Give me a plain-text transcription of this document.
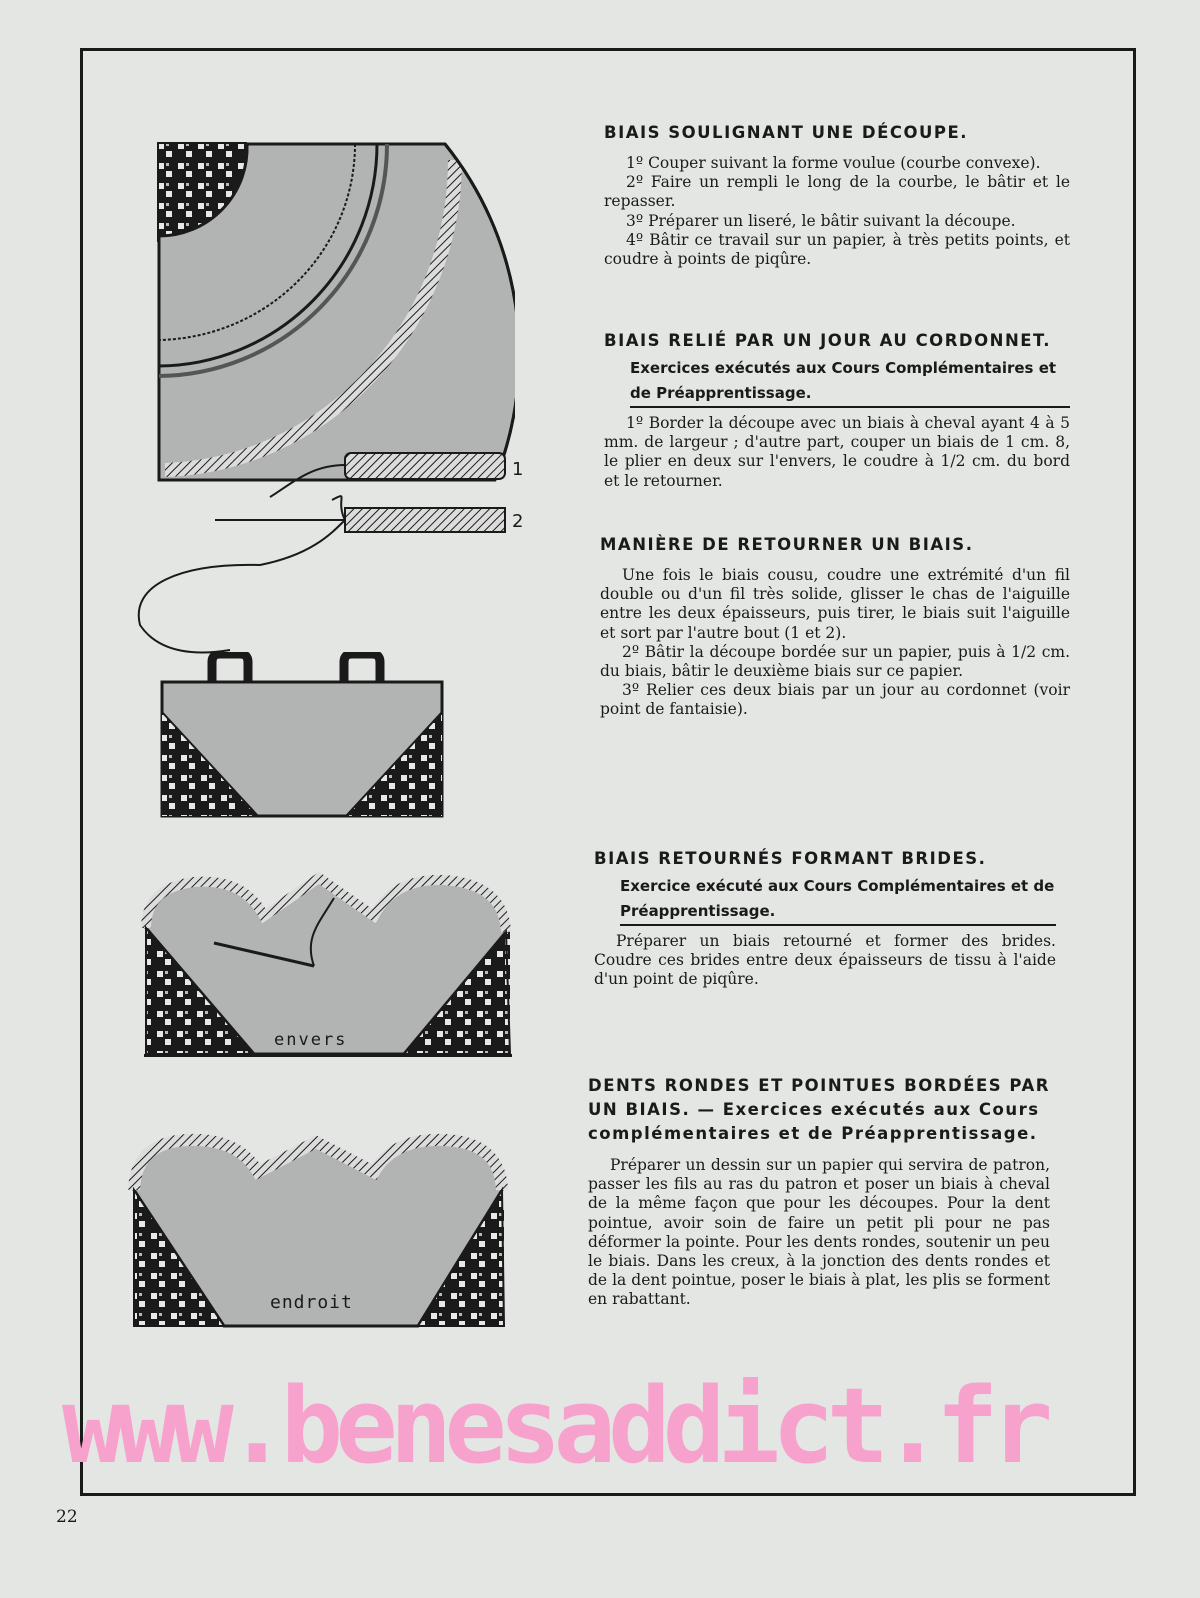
1
2
envers
endroit
BIAIS SOULIGNANT UNE DÉCOUPE.

1º Couper suivant la forme voulue (courbe convexe).

2º Faire un rempli le long de la courbe, le bâtir et le repasser.

3º Préparer un liseré, le bâtir suivant la découpe.

4º Bâtir ce travail sur un papier, à très petits points, et coudre à points de piqûre.

BIAIS RELIÉ PAR UN JOUR AU CORDONNET.
Exercices exécutés aux Cours Complémentaires et de Préapprentissage.

1º Border la découpe avec un biais à cheval ayant 4 à 5 mm. de largeur ; d'autre part, couper un biais de 1 cm. 8, le plier en deux sur l'envers, le coudre à 1/2 cm. du bord et le retourner.

MANIÈRE DE RETOURNER UN BIAIS.

Une fois le biais cousu, coudre une extrémité d'un fil double ou d'un fil très solide, glisser le chas de l'aiguille entre les deux épaisseurs, puis tirer, le biais suit l'aiguille et sort par l'autre bout (1 et 2).

2º Bâtir la découpe bordée sur un papier, puis à 1/2 cm. du biais, bâtir le deuxième biais sur ce papier.

3º Relier ces deux biais par un jour au cordonnet (voir point de fantaisie).

BIAIS RETOURNÉS FORMANT BRIDES.
Exercice exécuté aux Cours Complémentaires et de Préapprentissage.

Préparer un biais retourné et former des brides. Coudre ces brides entre deux épaisseurs de tissu à l'aide d'un point de piqûre.

DENTS RONDES ET POINTUES BORDÉES PAR UN BIAIS. — Exercices exécutés aux Cours complémentaires et de Préapprentissage.

Préparer un dessin sur un papier qui servira de patron, passer les fils au ras du patron et poser un biais à cheval de la même façon que pour les découpes. Pour la dent pointue, avoir soin de faire un petit pli pour ne pas déformer la pointe. Pour les dents rondes, soutenir un peu le biais. Dans les creux, à la jonction des dents rondes et de la dent pointue, poser le biais à plat, les plis se forment en rabattant.

www.benesaddict.fr
22
